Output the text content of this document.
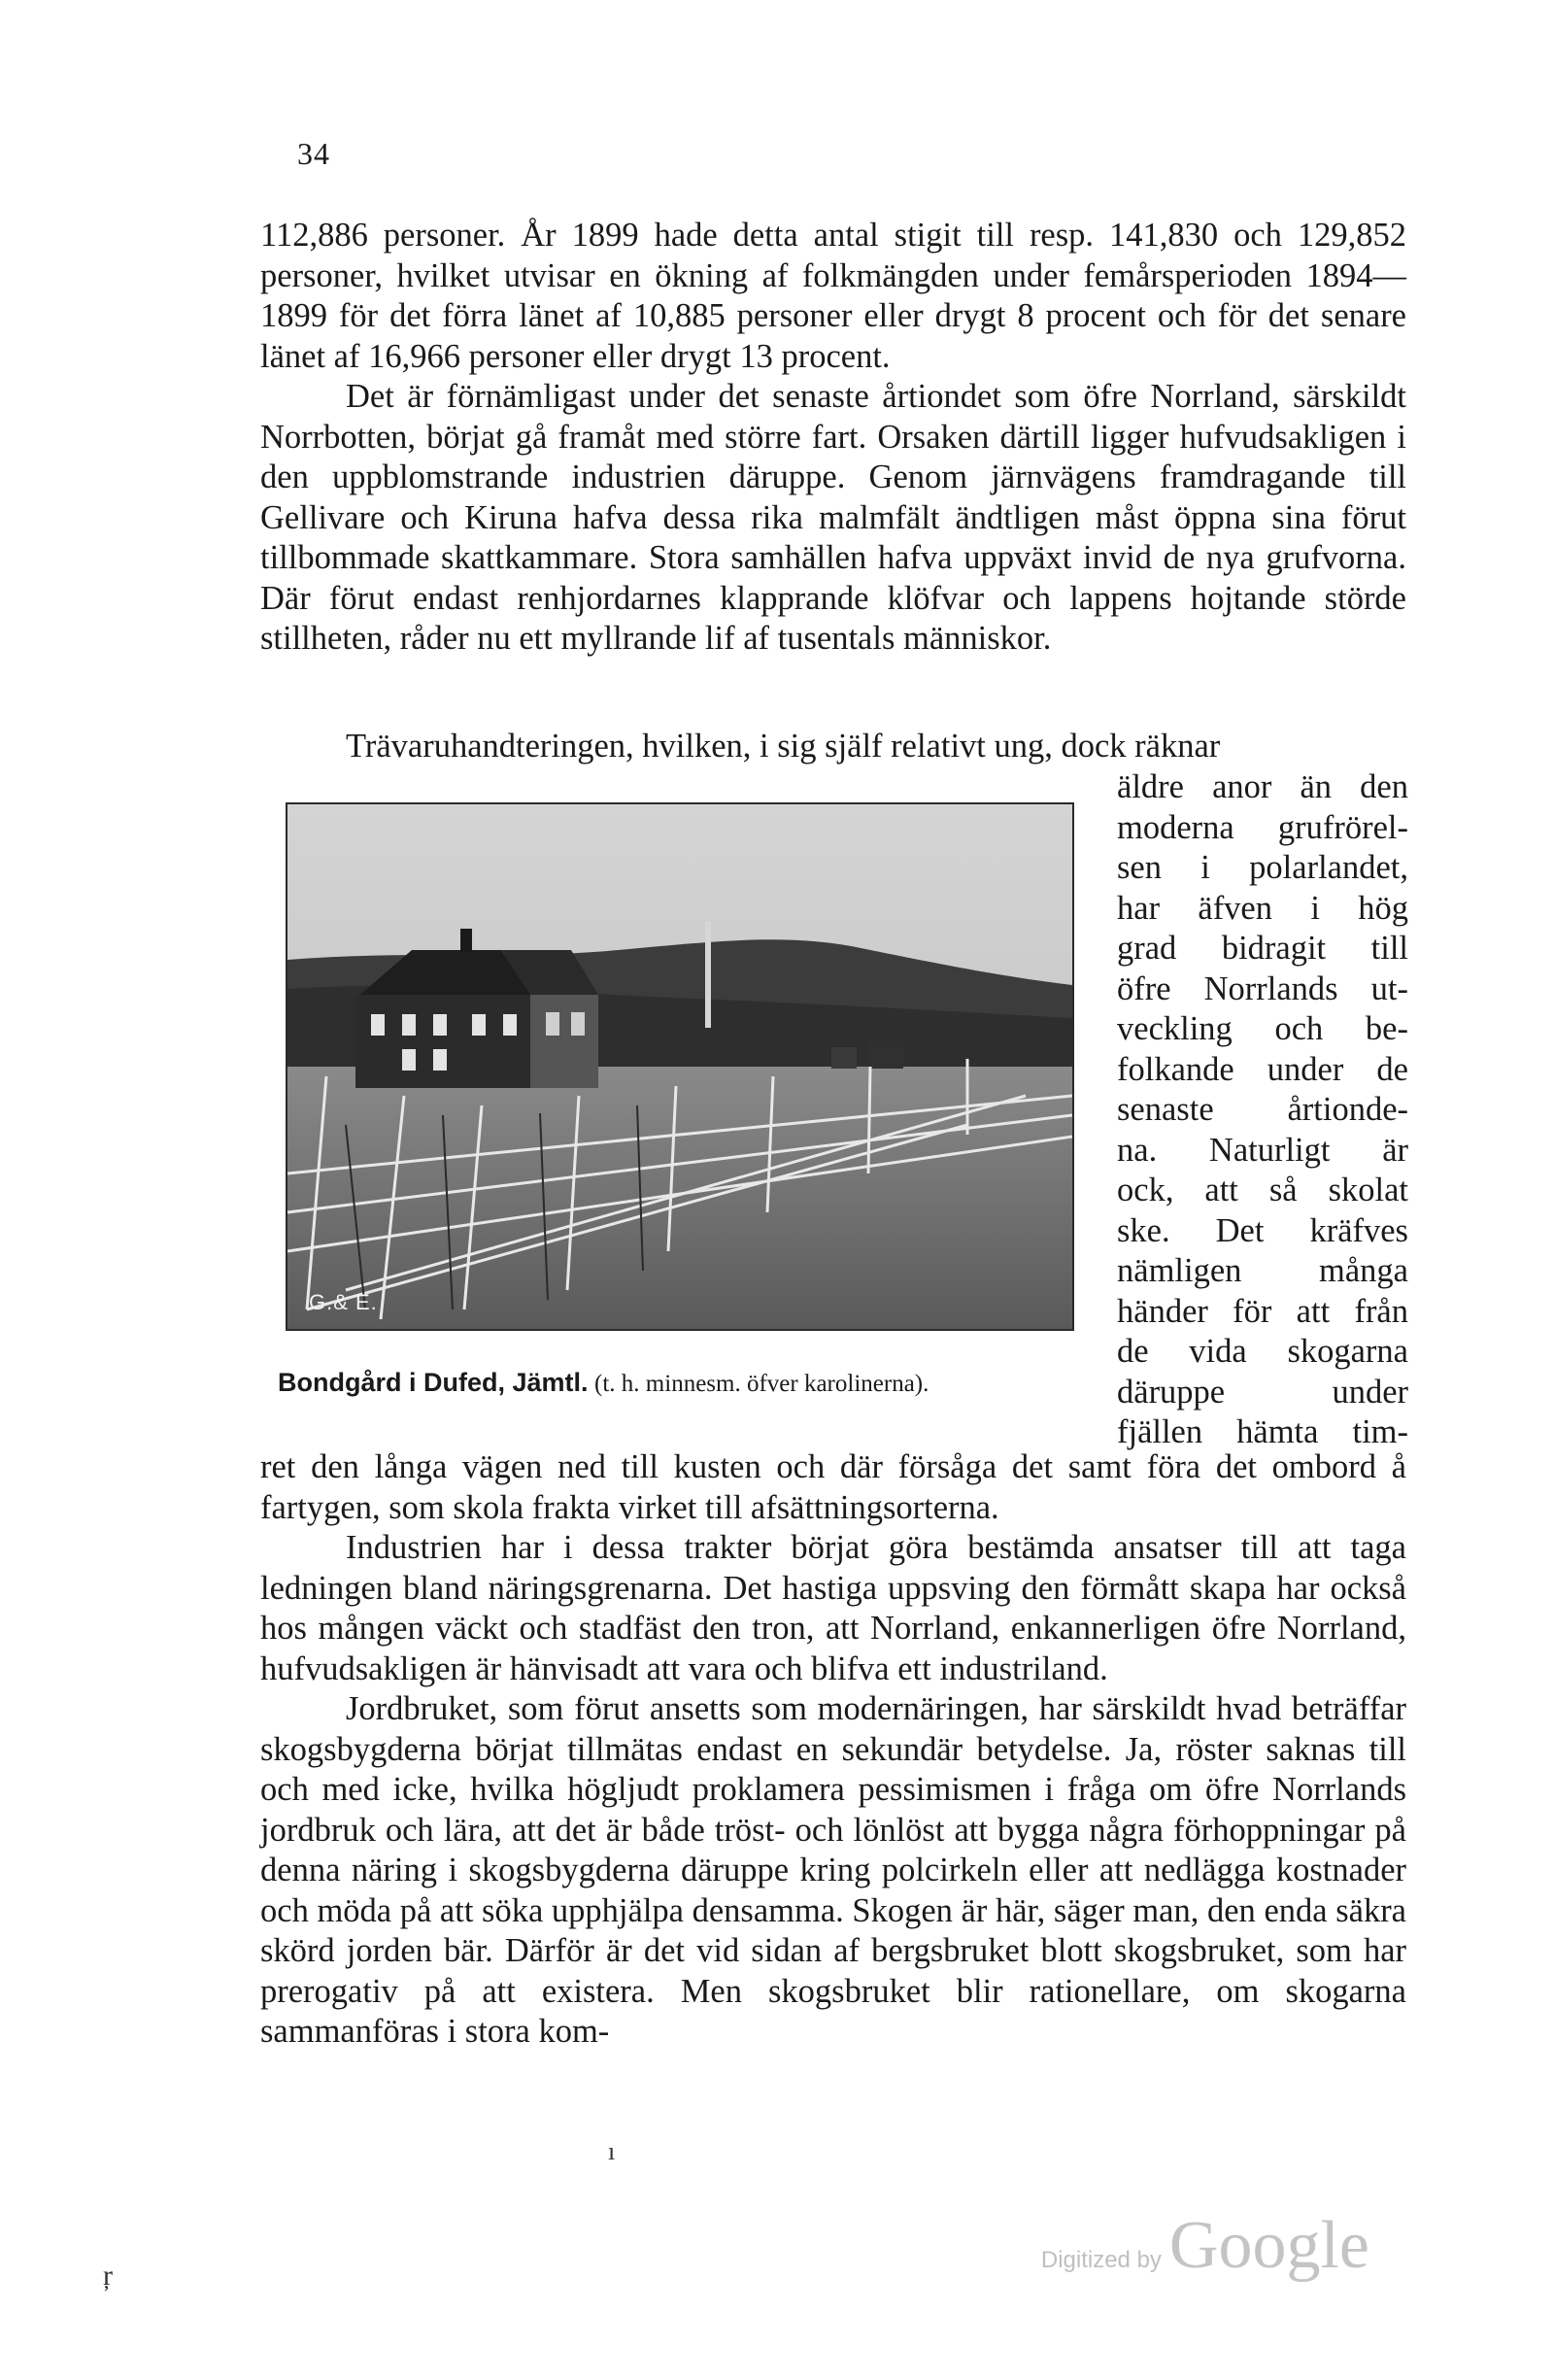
34

112,886 personer. År 1899 hade detta antal stigit till resp. 141,830 och 129,852 personer, hvilket utvisar en ökning af folkmängden under femårsperioden 1894—1899 för det förra länet af 10,885 personer eller drygt 8 procent och för det senare länet af 16,966 personer eller drygt 13 procent.

Det är förnämligast under det senaste årtiondet som öfre Norrland, särskildt Norrbotten, börjat gå framåt med större fart. Orsaken därtill ligger hufvudsakligen i den uppblomstrande industrien däruppe. Genom järnvägens framdragande till Gellivare och Kiruna hafva dessa rika malmfält ändtligen måst öppna sina förut tillbommade skattkammare. Stora samhällen hafva uppväxt invid de nya grufvorna. Där förut endast renhjordarnes klapprande klöfvar och lappens hojtande störde stillheten, råder nu ett myllrande lif af tusentals människor.

Trävaruhandteringen, hvilken, i sig själf relativt ung, dock räknar
G.& E.
Bondgård i Dufed, Jämtl. (t. h. minnesm. öfver karolinerna).
äldre anor än den
moderna grufrörel-
sen i polarlandet,
har äfven i hög
grad bidragit till
öfre Norrlands ut-
veckling och be-
folkande under de
senaste årtionde-
na. Naturligt är
ock, att så skolat
ske. Det kräfves
nämligen många
händer för att från
de vida skogarna
däruppe under
fjällen hämta tim-

ret den långa vägen ned till kusten och där försåga det samt föra det ombord å fartygen, som skola frakta virket till afsättningsorterna.

Industrien har i dessa trakter börjat göra bestämda ansatser till att taga ledningen bland näringsgrenarna. Det hastiga uppsving den förmått skapa har också hos mången väckt och stadfäst den tron, att Norrland, enkannerligen öfre Norrland, hufvudsakligen är hänvisadt att vara och blifva ett industriland.

Jordbruket, som förut ansetts som modernäringen, har särskildt hvad beträffar skogsbygderna börjat tillmätas endast en sekundär betydelse. Ja, röster saknas till och med icke, hvilka högljudt proklamera pessimismen i fråga om öfre Norrlands jordbruk och lära, att det är både tröst- och lönlöst att bygga några förhoppningar på denna näring i skogsbygderna däruppe kring polcirkeln eller att nedlägga kostnader och möda på att söka upphjälpa densamma. Skogen är här, säger man, den enda säkra skörd jorden bär. Därför är det vid sidan af bergsbruket blott skogsbruket, som har prerogativ på att existera. Men skogsbruket blir rationellare, om skogarna sammanföras i stora kom-

ı
ŗ	Digitized by Google
